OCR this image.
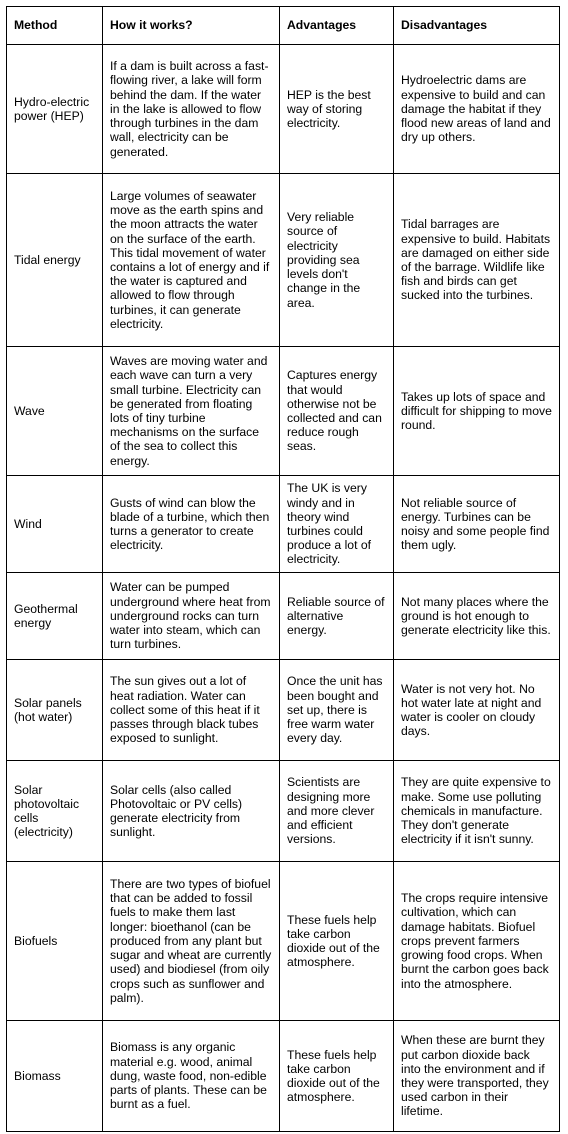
Method	How it works?	Advantages	Disadvantages
Hydro-electric power (HEP)	If a dam is built across a fast-flowing river, a lake will form behind the dam. If the water in the lake is allowed to flow through turbines in the dam wall, electricity can be generated.	HEP is the best way of storing electricity.	Hydroelectric dams are expensive to build and can damage the habitat if they flood new areas of land and dry up others.
Tidal energy	Large volumes of seawater move as the earth spins and the moon attracts the water on the surface of the earth. This tidal movement of water contains a lot of energy and if the water is captured and allowed to flow through turbines, it can generate electricity.	Very reliable source of electricity providing sea levels don't change in the area.	Tidal barrages are expensive to build. Habitats are damaged on either side of the barrage. Wildlife like fish and birds can get sucked into the turbines.
Wave	Waves are moving water and each wave can turn a very small turbine. Electricity can be generated from floating lots of tiny turbine mechanisms on the surface of the sea to collect this energy.	Captures energy that would otherwise not be collected and can reduce rough seas.	Takes up lots of space and difficult for shipping to move round.
Wind	Gusts of wind can blow the blade of a turbine, which then turns a generator to create electricity.	The UK is very windy and in theory wind turbines could produce a lot of electricity.	Not reliable source of energy. Turbines can be noisy and some people find them ugly.
Geothermal energy	Water can be pumped underground where heat from underground rocks can turn water into steam, which can turn turbines.	Reliable source of alternative energy.	Not many places where the ground is hot enough to generate electricity like this.
Solar panels (hot water)	The sun gives out a lot of heat radiation. Water can collect some of this heat if it passes through black tubes exposed to sunlight.	Once the unit has been bought and set up, there is free warm water every day.	Water is not very hot. No hot water late at night and water is cooler on cloudy days.
Solar photovoltaic cells (electricity)	Solar cells (also called Photovoltaic or PV cells) generate electricity from sunlight.	Scientists are designing more and more clever and efficient versions.	They are quite expensive to make. Some use polluting chemicals in manufacture. They don't generate electricity if it isn't sunny.
Biofuels	There are two types of biofuel that can be added to fossil fuels to make them last longer: bioethanol (can be produced from any plant but sugar and wheat are currently used) and biodiesel (from oily crops such as sunflower and palm).	These fuels help take carbon dioxide out of the atmosphere.	The crops require intensive cultivation, which can damage habitats. Biofuel crops prevent farmers growing food crops. When burnt the carbon goes back into the atmosphere.
Biomass	Biomass is any organic material e.g. wood, animal dung, waste food, non-edible parts of plants. These can be burnt as a fuel.	These fuels help take carbon dioxide out of the atmosphere.	When these are burnt they put carbon dioxide back into the environment and if they were transported, they used carbon in their lifetime.
